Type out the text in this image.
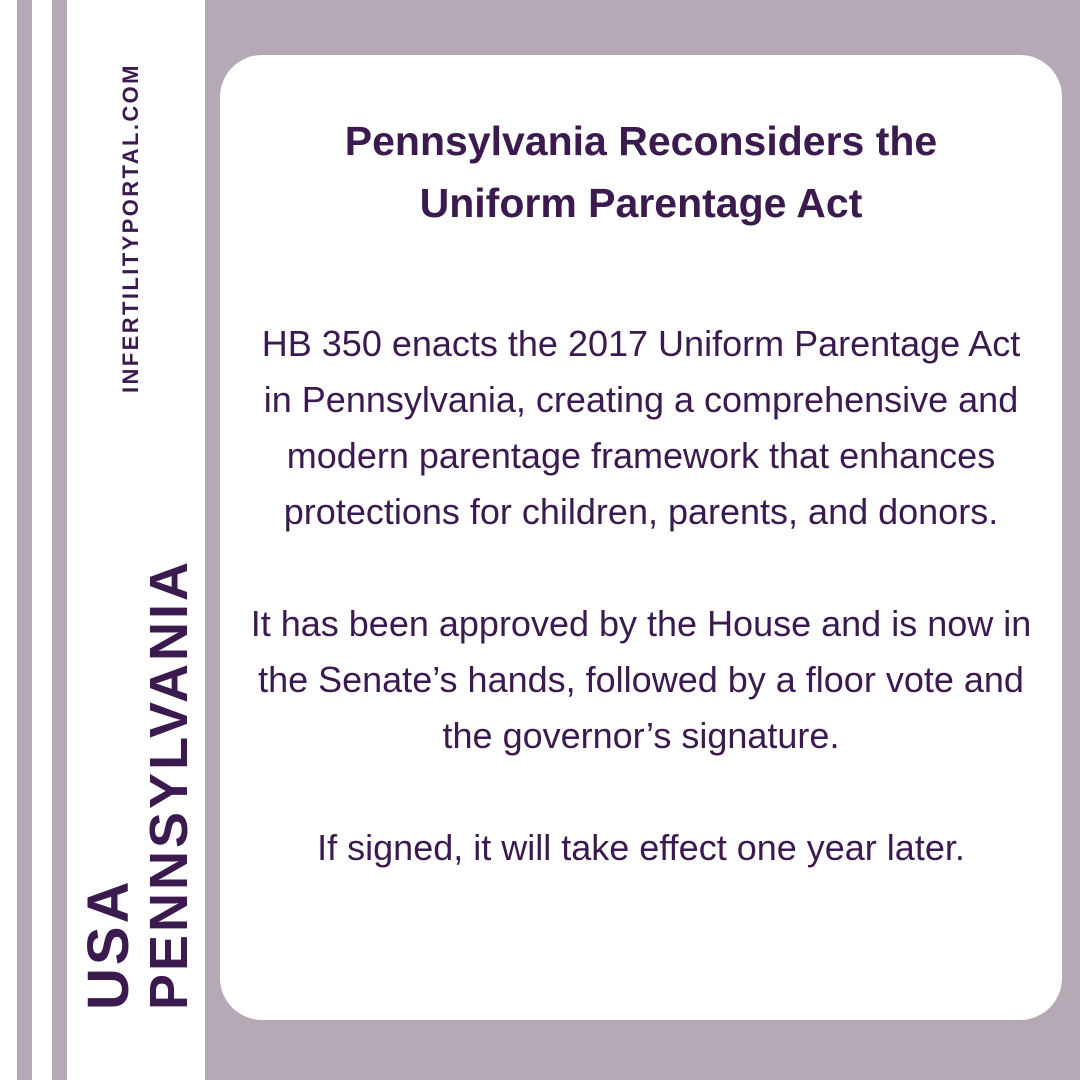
INFERTILITYPORTAL.COM
USA
PENNSYLVANIA
Pennsylvania Reconsiders the Uniform Parentage Act
HB 350 enacts the 2017 Uniform Parentage Act in Pennsylvania, creating a comprehensive and modern parentage framework that enhances protections for children, parents, and donors.
It has been approved by the House and is now in the Senate’s hands, followed by a floor vote and the governor’s signature.
If signed, it will take effect one year later.
